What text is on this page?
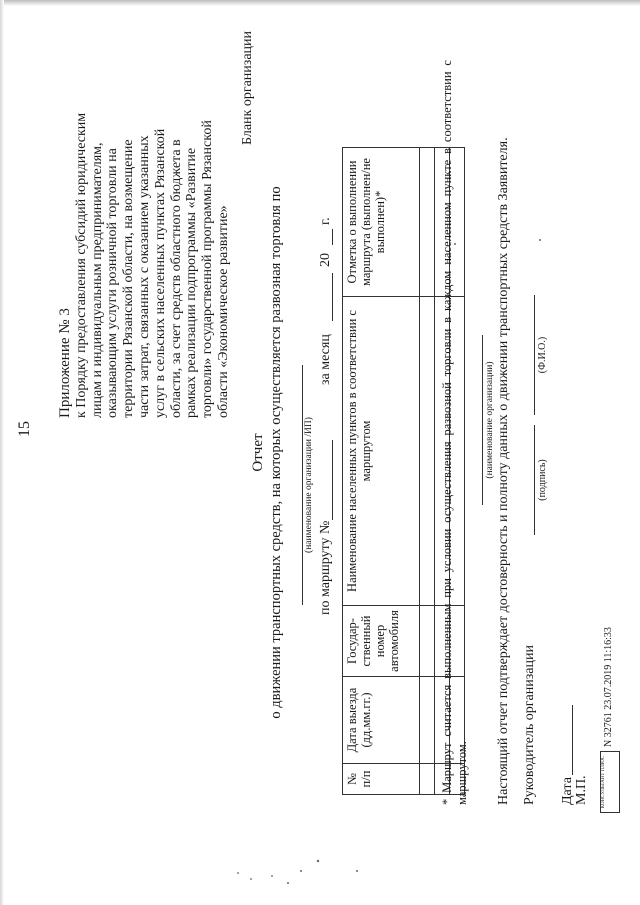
15
Приложение № 3 к Порядку предоставления субсидий юридическим лицам и индивидуальным предпринимателям, оказывающим услуги розничной торговли на территории Рязанской области, на возмещение части затрат, связанных с оказанием указанных услуг в сельских населенных пунктах Рязанской области, за счет средств областного бюджета в рамках реализации подпрограммы «Развитие торговли» государственной программы Рязанской области «Экономическое развитие»
Бланк организации
Отчет о движении транспортных средств, на которых осуществляется развозная торговля по (наименование организации /ИП)
по маршруту №
за месяц
20
г.
№ п/п	Дата выезда (дд.мм.гг.)	Государ-ственный номер автомобиля	Наименование населенных пунктов в соответствии с маршрутом	Отметка о выполнении маршрута (выполнен/не выполнен)*

					* Маршрут считается выполненным при условии осуществления развозной торговли в каждом населенном пункте в соответствии с маршрутом.
(наименование организации) Настоящий отчет подтверждает достоверность и полноту данных о движении транспортных средств Заявителя. Руководитель организации
(подпись)
(Ф.И.О.)
Дата М.П. КОНСУЛЬТАНТ ПЛЮС
N 32761 23.07.2019 11:16:33
